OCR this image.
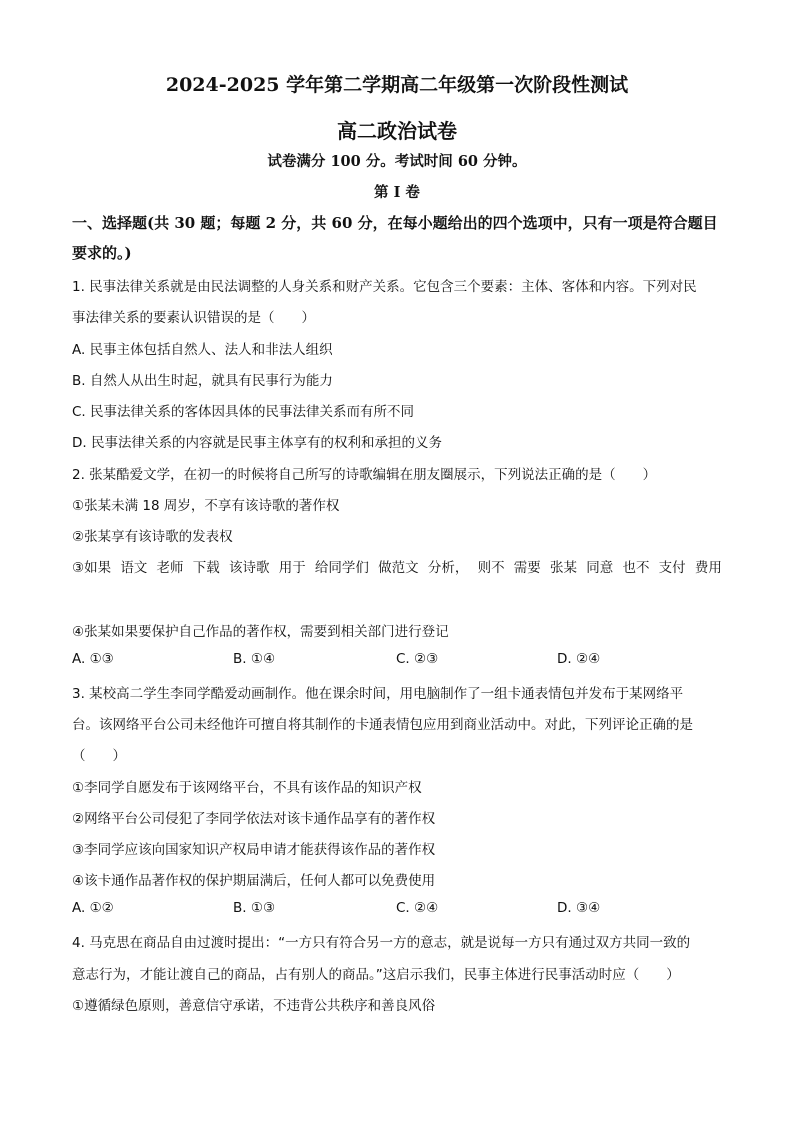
2024-2025 学年第二学期高二年级第一次阶段性测试
高二政治试卷
试卷满分 100 分。考试时间 60 分钟。
第 I 卷
一、选择题(共 30 题；每题 2 分，共 60 分，在每小题给出的四个选项中，只有一项是符合题目要求的。)
1. 民事法律关系就是由民法调整的人身关系和财产关系。它包含三个要素：主体、客体和内容。下列对民
事法律关系的要素认识错误的是（　　）
A. 民事主体包括自然人、法人和非法人组织
B. 自然人从出生时起，就具有民事行为能力
C. 民事法律关系的客体因具体的民事法律关系而有所不同
D. 民事法律关系的内容就是民事主体享有的权利和承担的义务
2. 张某酷爱文学，在初一的时候将自己所写的诗歌编辑在朋友圈展示，下列说法正确的是（　　）
①张某未满 18 周岁，不享有该诗歌的著作权
②张某享有该诗歌的发表权
③如果 语文 老师 下载 该诗歌 用于 给同学们 做范文 分析， 则不 需要 张某 同意 也不 支付 费用
④张某如果要保护自己作品的著作权，需要到相关部门进行登记
A. ①③	B. ①④	C. ②③	D. ②④
3. 某校高二学生李同学酷爱动画制作。他在课余时间，用电脑制作了一组卡通表情包并发布于某网络平
台。该网络平台公司未经他许可擅自将其制作的卡通表情包应用到商业活动中。对此，下列评论正确的是
（　　）
①李同学自愿发布于该网络平台，不具有该作品的知识产权
②网络平台公司侵犯了李同学依法对该卡通作品享有的著作权
③李同学应该向国家知识产权局申请才能获得该作品的著作权
④该卡通作品著作权的保护期届满后，任何人都可以免费使用
A. ①②	B. ①③	C. ②④	D. ③④
4. 马克思在商品自由过渡时提出：“一方只有符合另一方的意志，就是说每一方只有通过双方共同一致的
意志行为，才能让渡自己的商品，占有别人的商品。”这启示我们，民事主体进行民事活动时应（　　）
①遵循绿色原则，善意信守承诺，不违背公共秩序和善良风俗
